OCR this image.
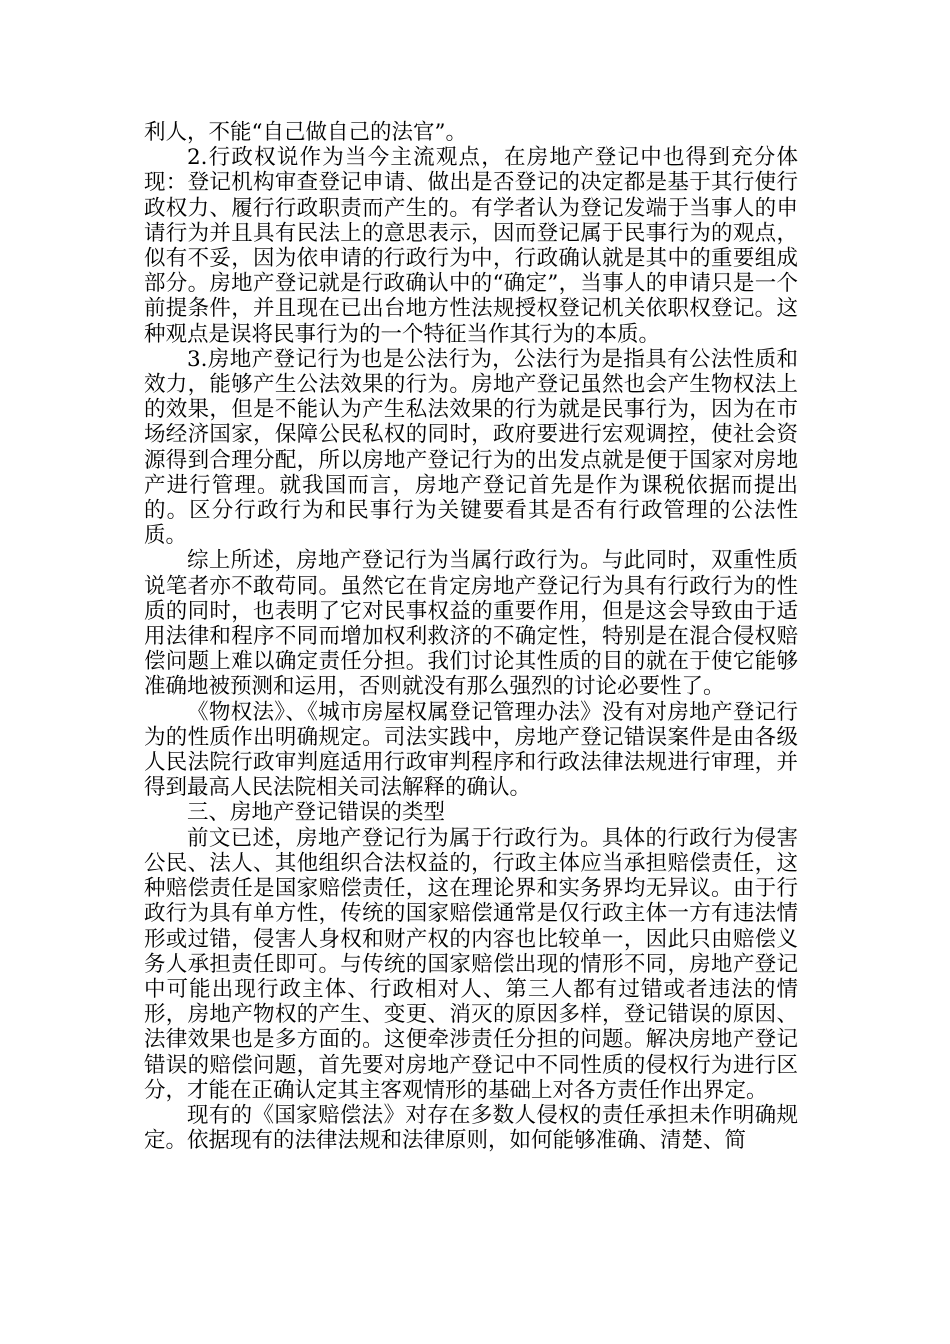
利人，不能“自己做自己的法官”。

2.行政权说作为当今主流观点，在房地产登记中也得到充分体现：登记机构审查登记申请、做出是否登记的决定都是基于其行使行政权力、履行行政职责而产生的。有学者认为登记发端于当事人的申请行为并且具有民法上的意思表示，因而登记属于民事行为的观点，似有不妥，因为依申请的行政行为中，行政确认就是其中的重要组成部分。房地产登记就是行政确认中的“确定”，当事人的申请只是一个前提条件，并且现在已出台地方性法规授权登记机关依职权登记。这种观点是误将民事行为的一个特征当作其行为的本质。

3.房地产登记行为也是公法行为，公法行为是指具有公法性质和效力，能够产生公法效果的行为。房地产登记虽然也会产生物权法上的效果，但是不能认为产生私法效果的行为就是民事行为，因为在市场经济国家，保障公民私权的同时，政府要进行宏观调控，使社会资源得到合理分配，所以房地产登记行为的出发点就是便于国家对房地产进行管理。就我国而言，房地产登记首先是作为课税依据而提出的。区分行政行为和民事行为关键要看其是否有行政管理的公法性质。

综上所述，房地产登记行为当属行政行为。与此同时，双重性质说笔者亦不敢苟同。虽然它在肯定房地产登记行为具有行政行为的性质的同时，也表明了它对民事权益的重要作用，但是这会导致由于适用法律和程序不同而增加权利救济的不确定性，特别是在混合侵权赔偿问题上难以确定责任分担。我们讨论其性质的目的就在于使它能够准确地被预测和运用，否则就没有那么强烈的讨论必要性了。

《物权法》、《城市房屋权属登记管理办法》没有对房地产登记行为的性质作出明确规定。司法实践中，房地产登记错误案件是由各级人民法院行政审判庭适用行政审判程序和行政法律法规进行审理，并得到最高人民法院相关司法解释的确认。

三、房地产登记错误的类型

前文已述，房地产登记行为属于行政行为。具体的行政行为侵害公民、法人、其他组织合法权益的，行政主体应当承担赔偿责任，这种赔偿责任是国家赔偿责任，这在理论界和实务界均无异议。由于行政行为具有单方性，传统的国家赔偿通常是仅行政主体一方有违法情形或过错，侵害人身权和财产权的内容也比较单一，因此只由赔偿义务人承担责任即可。与传统的国家赔偿出现的情形不同，房地产登记中可能出现行政主体、行政相对人、第三人都有过错或者违法的情形，房地产物权的产生、变更、消灭的原因多样，登记错误的原因、法律效果也是多方面的。这便牵涉责任分担的问题。解决房地产登记错误的赔偿问题，首先要对房地产登记中不同性质的侵权行为进行区分，才能在正确认定其主客观情形的基础上对各方责任作出界定。

现有的《国家赔偿法》对存在多数人侵权的责任承担未作明确规定。依据现有的法律法规和法律原则，如何能够准确、清楚、简
